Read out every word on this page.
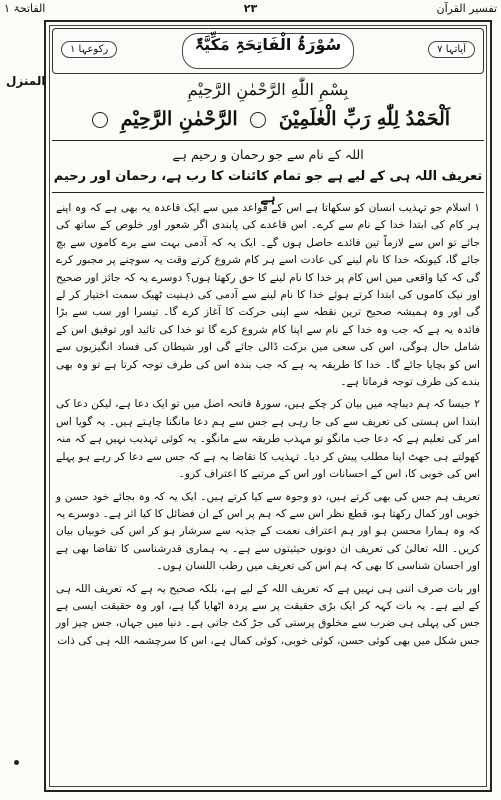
تفسیر القرآن
۲۳
الفاتحۃ ۱
المنزل
آیاتہا ۷
سُوْرَۃُ الْفَاتِحَۃِ مَکِّیَّۃٌ
رکوعہا ۱
بِسْمِ اللّٰهِ الرَّحْمٰنِ الرَّحِيْمِ
اَلْحَمْدُ لِلّٰهِ رَبِّ الْعٰلَمِيْنَ  الرَّحْمٰنِ الرَّحِيْمِ
اللہ کے نام سے جو رحمان و رحیم ہے
تعریف اللہ ہی کے لیے ہے جو تمام کائنات کا رب ہے، رحمان اور رحیم ہے

۱ اسلام جو تہذیب انسان کو سکھاتا ہے اس کے قواعد میں سے ایک قاعدہ یہ بھی ہے کہ وہ اپنے ہر کام کی ابتدا خدا کے نام سے کرے۔ اس قاعدے کی پابندی اگر شعور اور خلوص کے ساتھ کی جائے تو اس سے لازماً تین فائدے حاصل ہوں گے۔ ایک یہ کہ آدمی بہت سے برے کاموں سے بچ جائے گا، کیونکہ خدا کا نام لینے کی عادت اسے ہر کام شروع کرتے وقت یہ سوچنے پر مجبور کرے گی کہ کیا واقعی میں اس کام پر خدا کا نام لینے کا حق رکھتا ہوں؟ دوسرے یہ کہ جائز اور صحیح اور نیک کاموں کی ابتدا کرتے ہوئے خدا کا نام لینے سے آدمی کی ذہنیت ٹھیک سمت اختیار کر لے گی اور وہ ہمیشہ صحیح ترین نقطہ سے اپنی حرکت کا آغاز کرے گا۔ تیسرا اور سب سے بڑا فائدہ یہ ہے کہ جب وہ خدا کے نام سے اپنا کام شروع کرے گا تو خدا کی تائید اور توفیق اس کے شامل حال ہوگی، اس کی سعی میں برکت ڈالی جائے گی اور شیطان کی فساد انگیزیوں سے اس کو بچایا جائے گا۔ خدا کا طریقہ یہ ہے کہ جب بندہ اس کی طرف توجہ کرتا ہے تو وہ بھی بندے کی طرف توجہ فرماتا ہے۔

۲ جیسا کہ ہم دیباچہ میں بیان کر چکے ہیں، سورۂ فاتحہ اصل میں تو ایک دعا ہے، لیکن دعا کی ابتدا اس ہستی کی تعریف سے کی جا رہی ہے جس سے ہم دعا مانگنا چاہتے ہیں۔ یہ گویا اس امر کی تعلیم ہے کہ دعا جب مانگو تو مہذب طریقہ سے مانگو۔ یہ کوئی تہذیب نہیں ہے کہ منہ کھولتے ہی جھٹ اپنا مطلب پیش کر دیا۔ تہذیب کا تقاضا یہ ہے کہ جس سے دعا کر رہے ہو پہلے اس کی خوبی کا، اس کے احسانات اور اس کے مرتبے کا اعتراف کرو۔

تعریف ہم جس کی بھی کرتے ہیں، دو وجوہ سے کیا کرتے ہیں۔ ایک یہ کہ وہ بجائے خود حسن و خوبی اور کمال رکھتا ہو، قطع نظر اس سے کہ ہم پر اس کے ان فضائل کا کیا اثر ہے۔ دوسرے یہ کہ وہ ہمارا محسن ہو اور ہم اعتراف نعمت کے جذبہ سے سرشار ہو کر اس کی خوبیاں بیان کریں۔ اللہ تعالیٰ کی تعریف ان دونوں حیثیتوں سے ہے۔ یہ ہماری قدرشناسی کا تقاضا بھی ہے اور احسان شناسی کا بھی کہ ہم اس کی تعریف میں رطب اللسان ہوں۔

اور بات صرف اتنی ہی نہیں ہے کہ تعریف اللہ کے لیے ہے، بلکہ صحیح یہ ہے کہ تعریف اللہ ہی کے لیے ہے۔ یہ بات کہہ کر ایک بڑی حقیقت پر سے پردہ اٹھایا گیا ہے، اور وہ حقیقت ایسی ہے جس کی پہلی ہی ضرب سے مخلوق پرستی کی جڑ کٹ جاتی ہے۔ دنیا میں جہاں، جس چیز اور جس شکل میں بھی کوئی حسن، کوئی خوبی، کوئی کمال ہے، اس کا سرچشمہ اللہ ہی کی ذات
